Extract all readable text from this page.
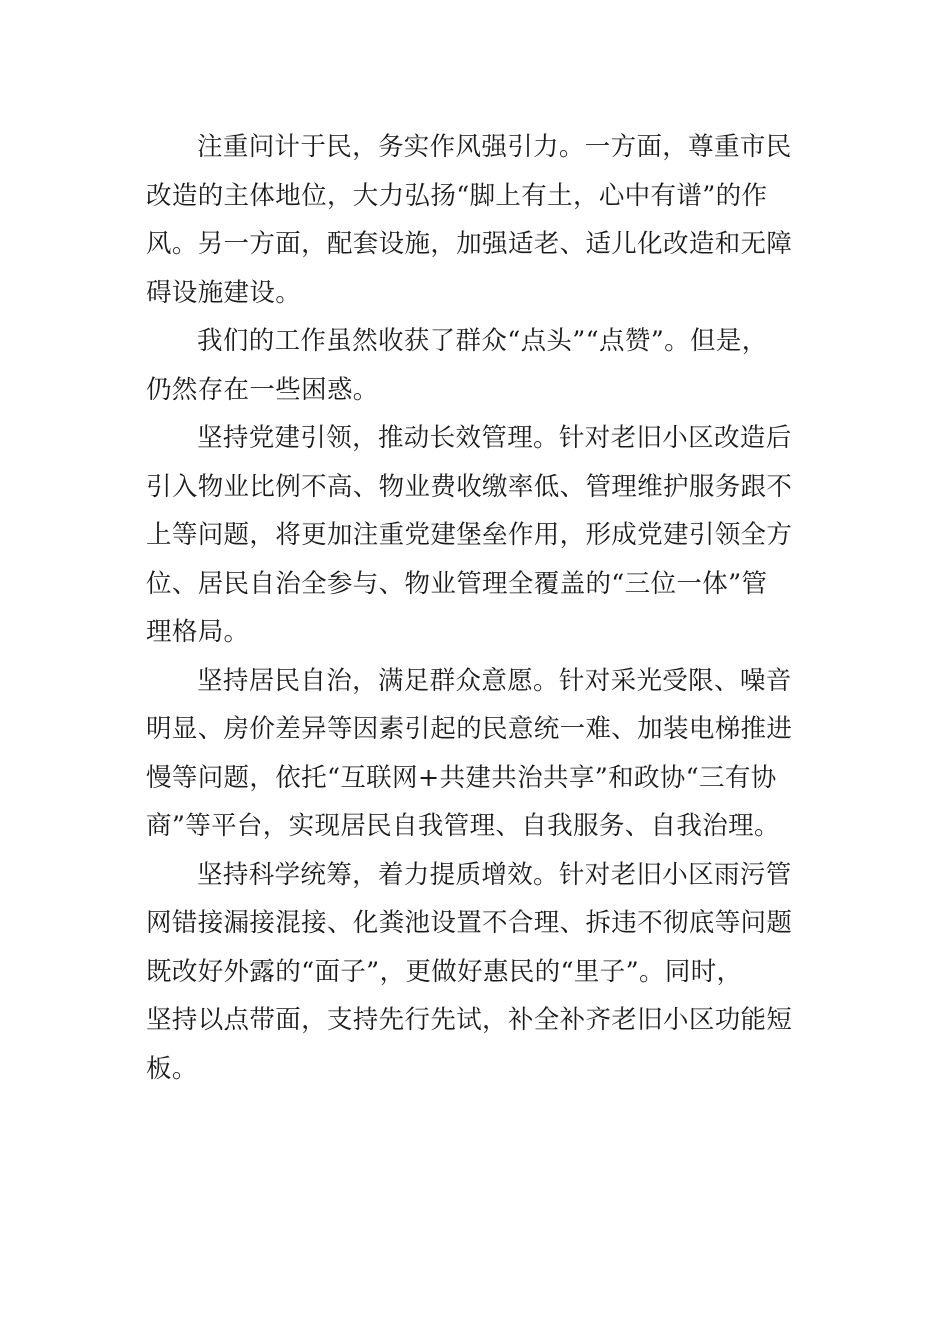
注重问计于民，务实作风强引力。一方面，尊重市民
改造的主体地位，大力弘扬“脚上有土，心中有谱”的作
风。另一方面，配套设施，加强适老、适儿化改造和无障
碍设施建设。
我们的工作虽然收获了群众“点头”“点赞”。但是，
仍然存在一些困惑。
坚持党建引领，推动长效管理。针对老旧小区改造后
引入物业比例不高、物业费收缴率低、管理维护服务跟不
上等问题，将更加注重党建堡垒作用，形成党建引领全方
位、居民自治全参与、物业管理全覆盖的“三位一体”管
理格局。
坚持居民自治，满足群众意愿。针对采光受限、噪音
明显、房价差异等因素引起的民意统一难、加装电梯推进
慢等问题，依托“互联网+共建共治共享”和政协“三有协
商”等平台，实现居民自我管理、自我服务、自我治理。
坚持科学统筹，着力提质增效。针对老旧小区雨污管
网错接漏接混接、化粪池设置不合理、拆违不彻底等问题
既改好外露的“面子”，更做好惠民的“里子”。同时，
坚持以点带面，支持先行先试，补全补齐老旧小区功能短
板。
